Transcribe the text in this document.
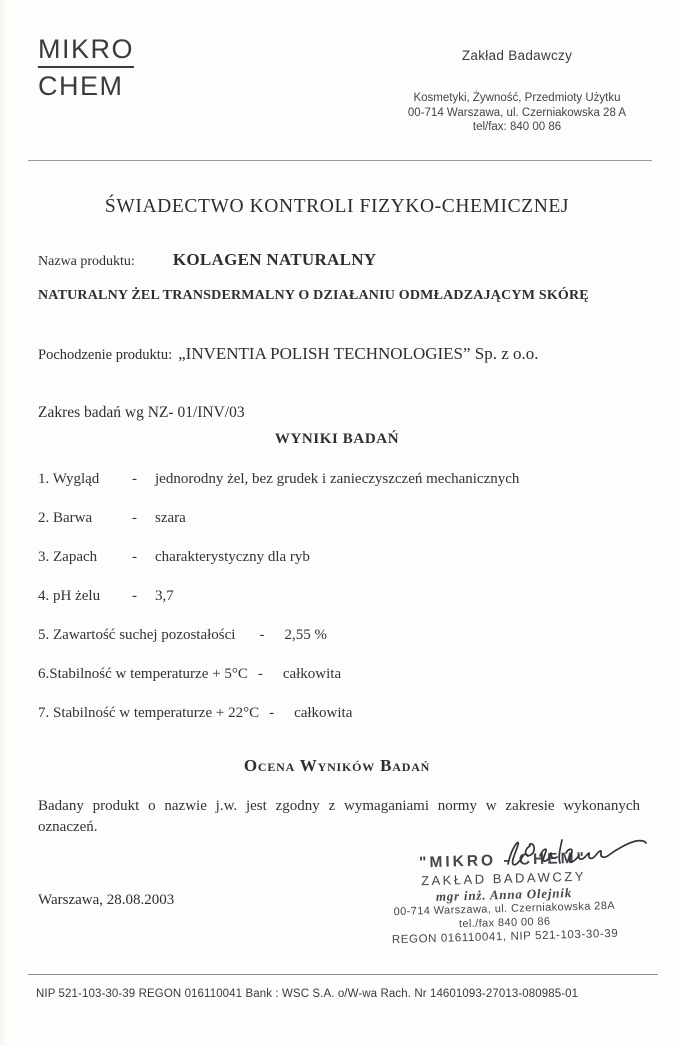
MIKRO
CHEM
Zakład Badawczy
Kosmetyki, Żywność, Przedmioty Użytku
00-714 Warszawa, ul. Czerniakowska 28 A
tel/fax: 840 00 86
ŚWIADECTWO KONTROLI FIZYKO-CHEMICZNEJ
Nazwa produktu: KOLAGEN NATURALNY
NATURALNY ŻEL TRANSDERMALNY O DZIAŁANIU ODMŁADZAJĄCYM SKÓRĘ
Pochodzenie produktu: „INVENTIA POLISH TECHNOLOGIES” Sp. z o.o.
Zakres badań wg NZ- 01/INV/03
WYNIKI BADAŃ
1. Wygląd - jednorodny żel, bez grudek i zanieczyszczeń mechanicznych
2. Barwa	- szara
3. Zapach - charakterystyczny dla ryb
4. pH żelu - 3,7
5. Zawartość suchej pozostałości - 2,55 %
6.Stabilność w temperaturze + 5°C - całkowita
7. Stabilność w temperaturze + 22°C - całkowita
Ocena Wyników Badań
Badany produkt o nazwie j.w. jest zgodny z wymaganiami normy w zakresie wykonanych oznaczeń.
Warszawa, 28.08.2003
"MIKRO - CHEM"
ZAKŁAD BADAWCZY
mgr inż. Anna Olejnik
00-714 Warszawa, ul. Czerniakowska 28A
tel./fax 840 00 86
REGON 016110041, NIP 521-103-30-39
NIP 521-103-30-39 REGON 016110041 Bank : WSC S.A. o/W-wa Rach. Nr 14601093-27013-080985-01
